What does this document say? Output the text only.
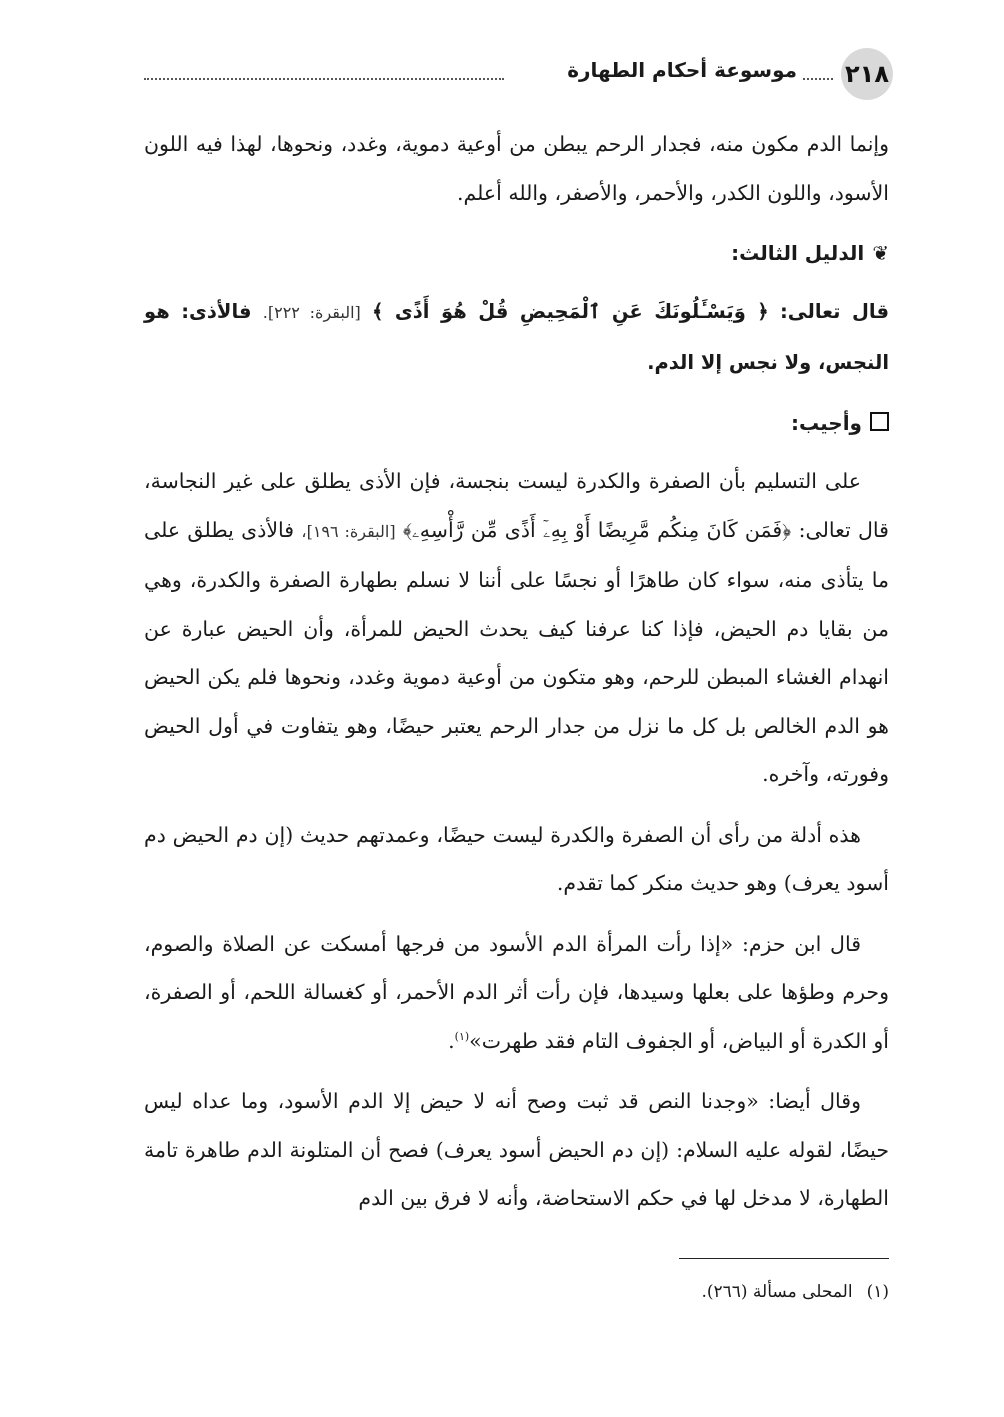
٢١٨
موسوعة أحكام الطهارة

وإنما الدم مكون منه، فجدار الرحم يبطن من أوعية دموية، وغدد، ونحوها، لهذا فيه اللون الأسود، واللون الكدر، والأحمر، والأصفر، والله أعلم.

❦الدليل الثالث:

قال تعالى: ﴿ وَيَسْـَٔلُونَكَ عَنِ ٱلْمَحِيضِ قُلْ هُوَ أَذًى ﴾ [البقرة: ٢٢٢]. فالأذى: هو النجس، ولا نجس إلا الدم.

وأجيب:

على التسليم بأن الصفرة والكدرة ليست بنجسة، فإن الأذى يطلق على غير النجاسة، قال تعالى: ﴿فَمَن كَانَ مِنكُم مَّرِيضًا أَوْ بِهِۦٓ أَذًى مِّن رَّأْسِهِۦ﴾ [البقرة: ١٩٦]، فالأذى يطلق على ما يتأذى منه، سواء كان طاهرًا أو نجسًا على أننا لا نسلم بطهارة الصفرة والكدرة، وهي من بقايا دم الحيض، فإذا كنا عرفنا كيف يحدث الحيض للمرأة، وأن الحيض عبارة عن انهدام الغشاء المبطن للرحم، وهو متكون من أوعية دموية وغدد، ونحوها فلم يكن الحيض هو الدم الخالص بل كل ما نزل من جدار الرحم يعتبر حيضًا، وهو يتفاوت في أول الحيض وفورته، وآخره.

هذه أدلة من رأى أن الصفرة والكدرة ليست حيضًا، وعمدتهم حديث (إن دم الحيض دم أسود يعرف) وهو حديث منكر كما تقدم.

قال ابن حزم: «إذا رأت المرأة الدم الأسود من فرجها أمسكت عن الصلاة والصوم، وحرم وطؤها على بعلها وسيدها، فإن رأت أثر الدم الأحمر، أو كغسالة اللحم، أو الصفرة، أو الكدرة أو البياض، أو الجفوف التام فقد طهرت»$^{(١)}$.

وقال أيضا: «وجدنا النص قد ثبت وصح أنه لا حيض إلا الدم الأسود، وما عداه ليس حيضًا، لقوله عليه السلام: (إن دم الحيض أسود يعرف) فصح أن المتلونة الدم طاهرة تامة الطهارة، لا مدخل لها في حكم الاستحاضة، وأنه لا فرق بين الدم

(١)المحلى مسألة (٢٦٦).
